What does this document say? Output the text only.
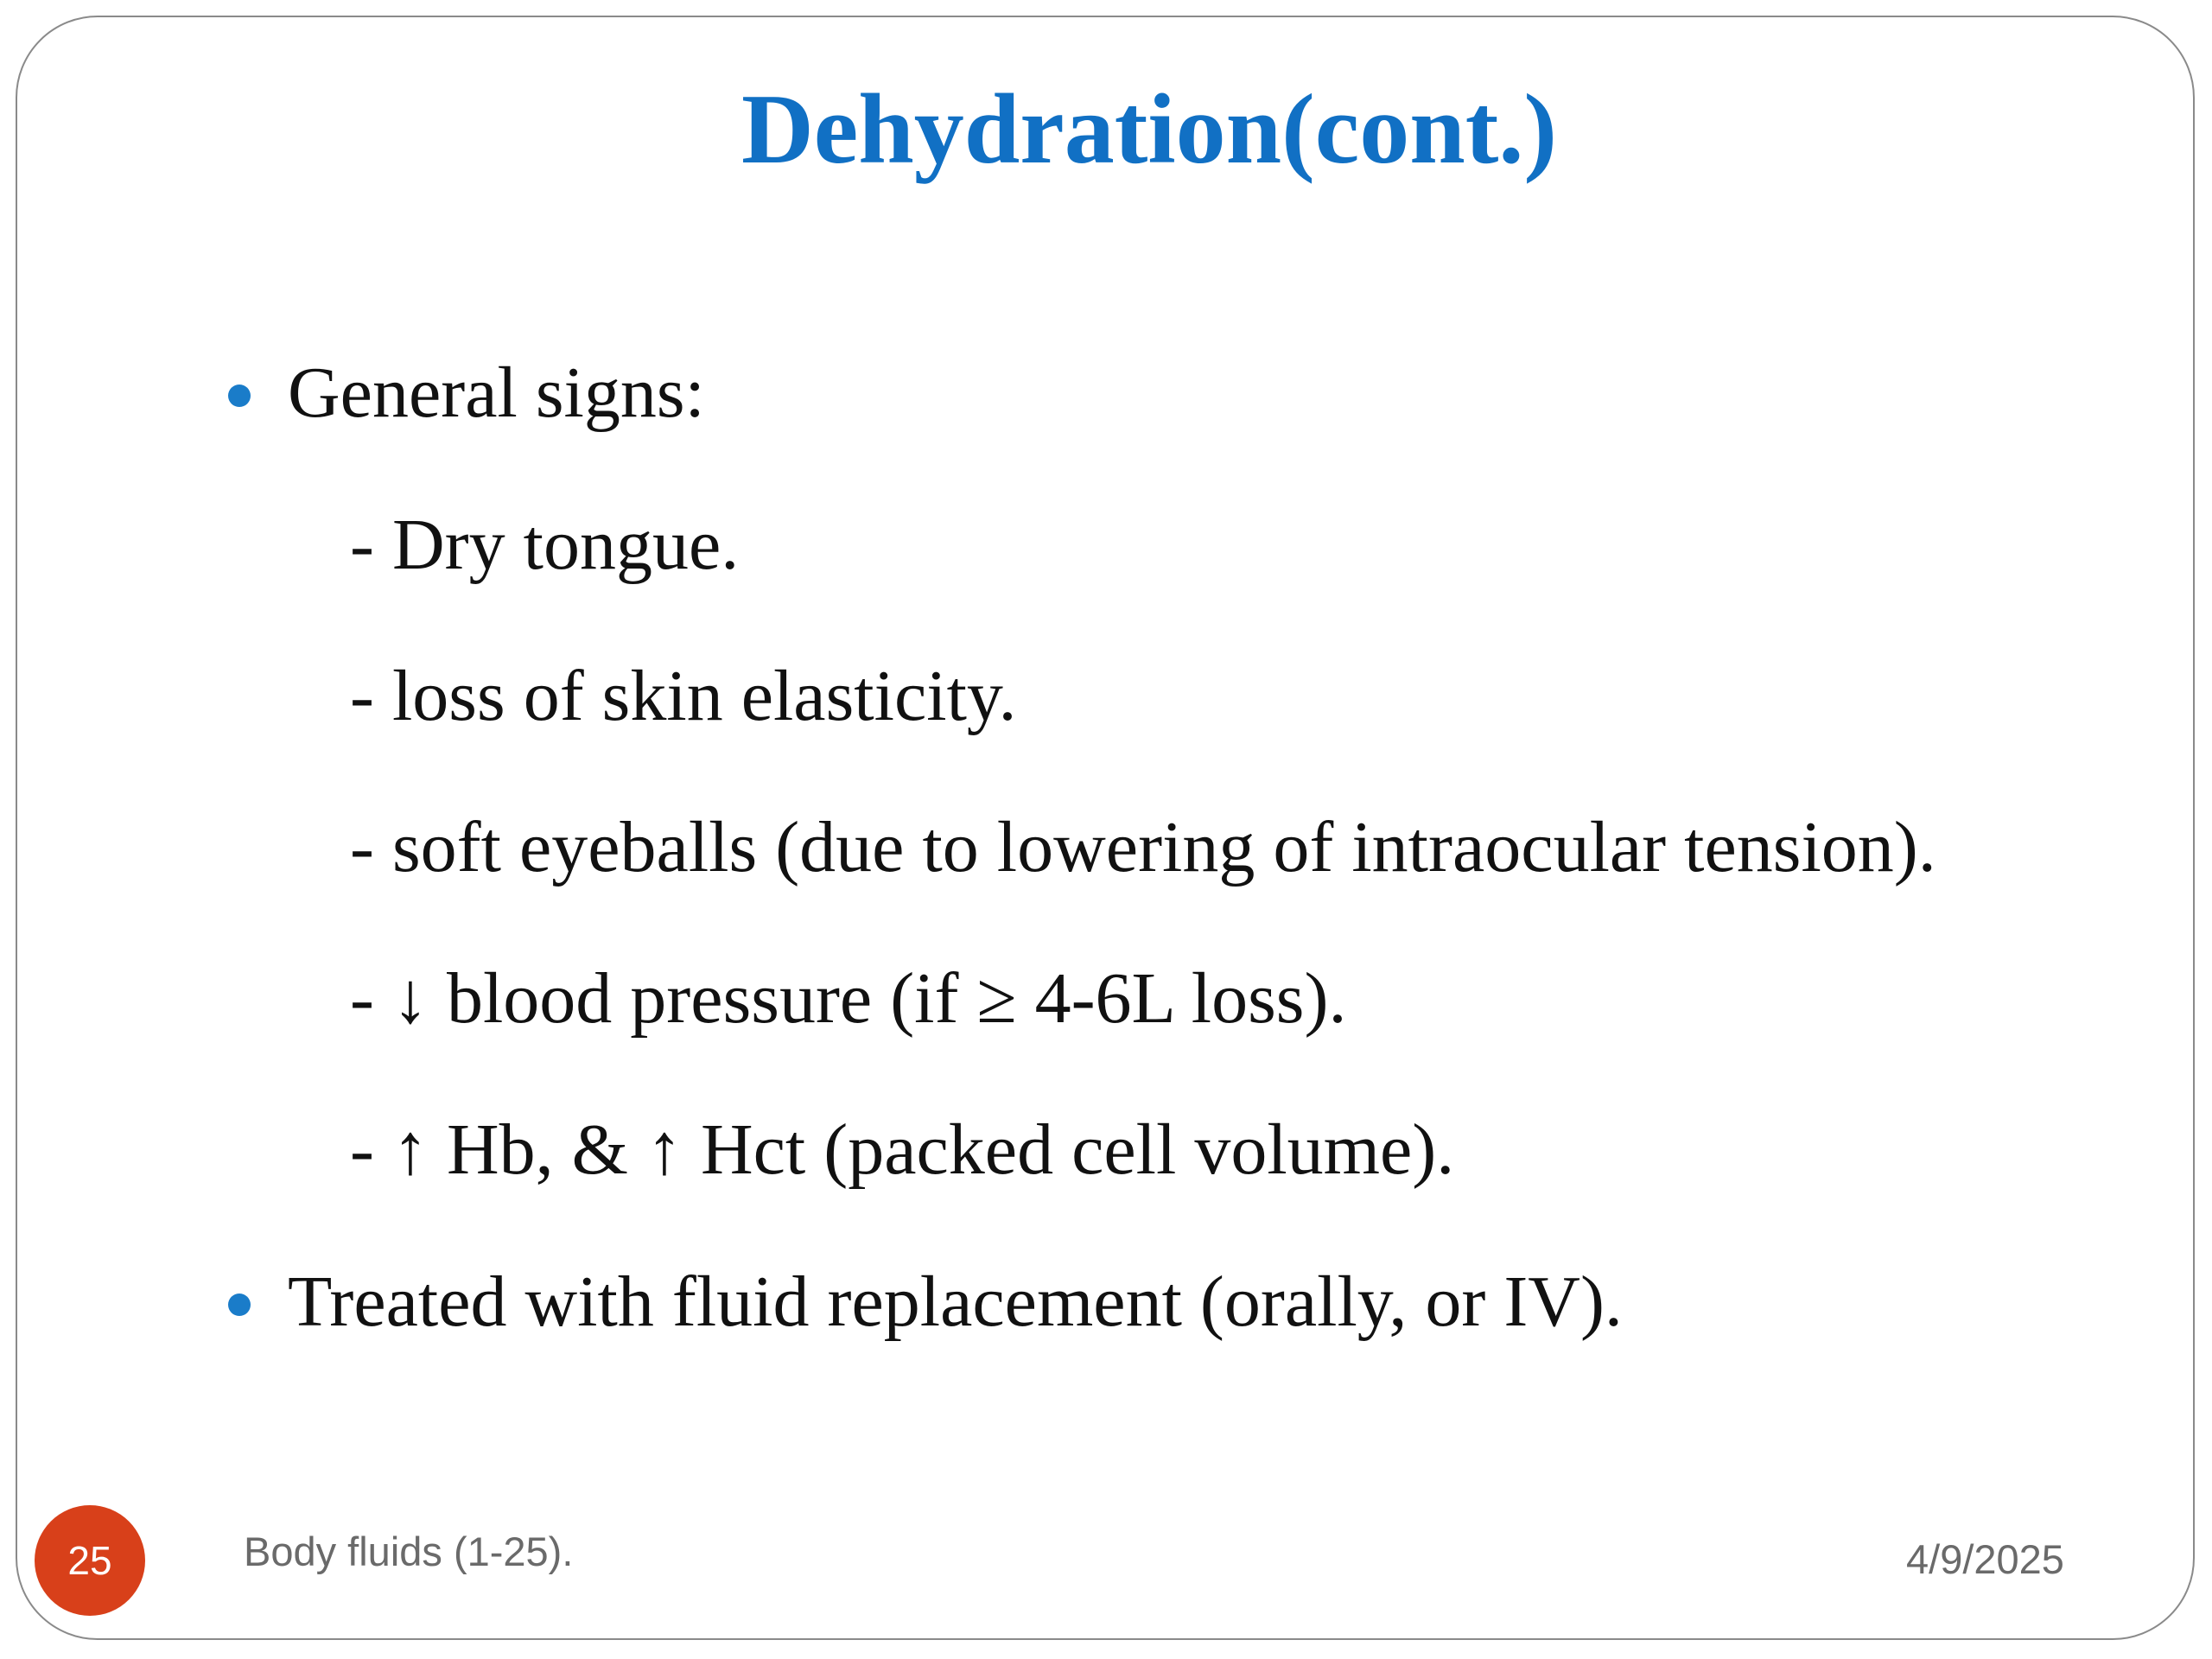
Dehydration(cont.)
General signs:
- Dry tongue.
- loss of skin elasticity.
- soft eyeballs (due to lowering of intraocular tension).
- ↓ blood pressure (if ≥ 4-6L loss).
- ↑ Hb, & ↑ Hct (packed cell volume).
Treated with fluid replacement (orally, or IV).
25	Body fluids (1-25).	4/9/2025
